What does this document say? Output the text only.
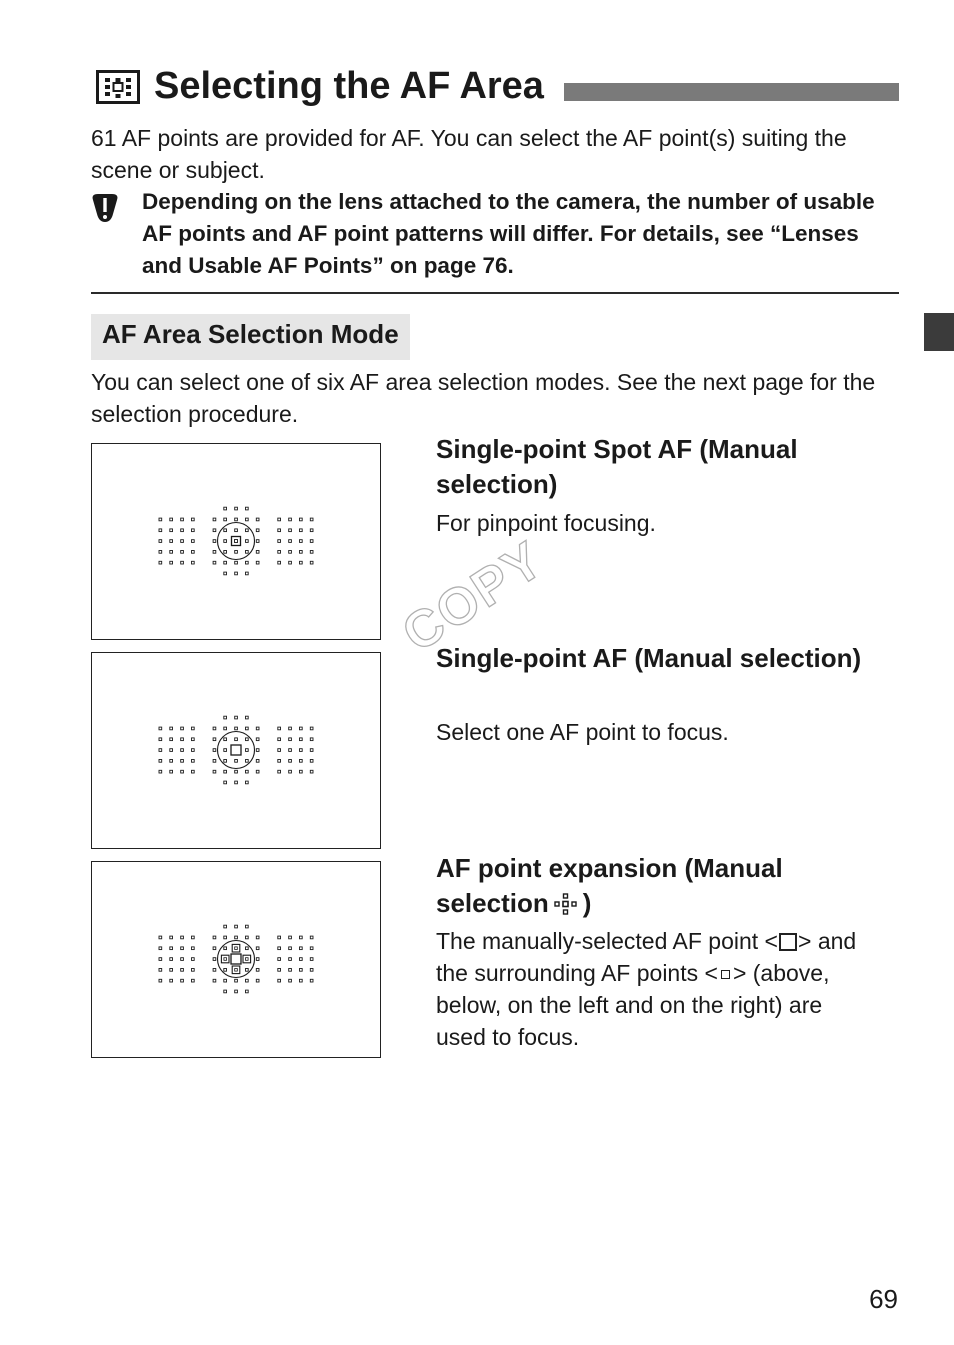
Selecting the AF Area
61 AF points are provided for AF. You can select the AF point(s) suiting the scene or subject.
Depending on the lens attached to the camera, the number of usable AF points and AF point patterns will differ. For details, see “Lenses and Usable AF Points” on page 76.
AF Area Selection Mode
You can select one of six AF area selection modes. See the next page for the selection procedure.
Single-point Spot AF (Manual selection)
For pinpoint focusing.
Single-point AF (Manual selection)
Select one AF point to focus.
AF point expansion (Manual selection )
The manually-selected AF point < > and the surrounding AF points < > (above, below, on the left and on the right) are used to focus.
COPY
69
